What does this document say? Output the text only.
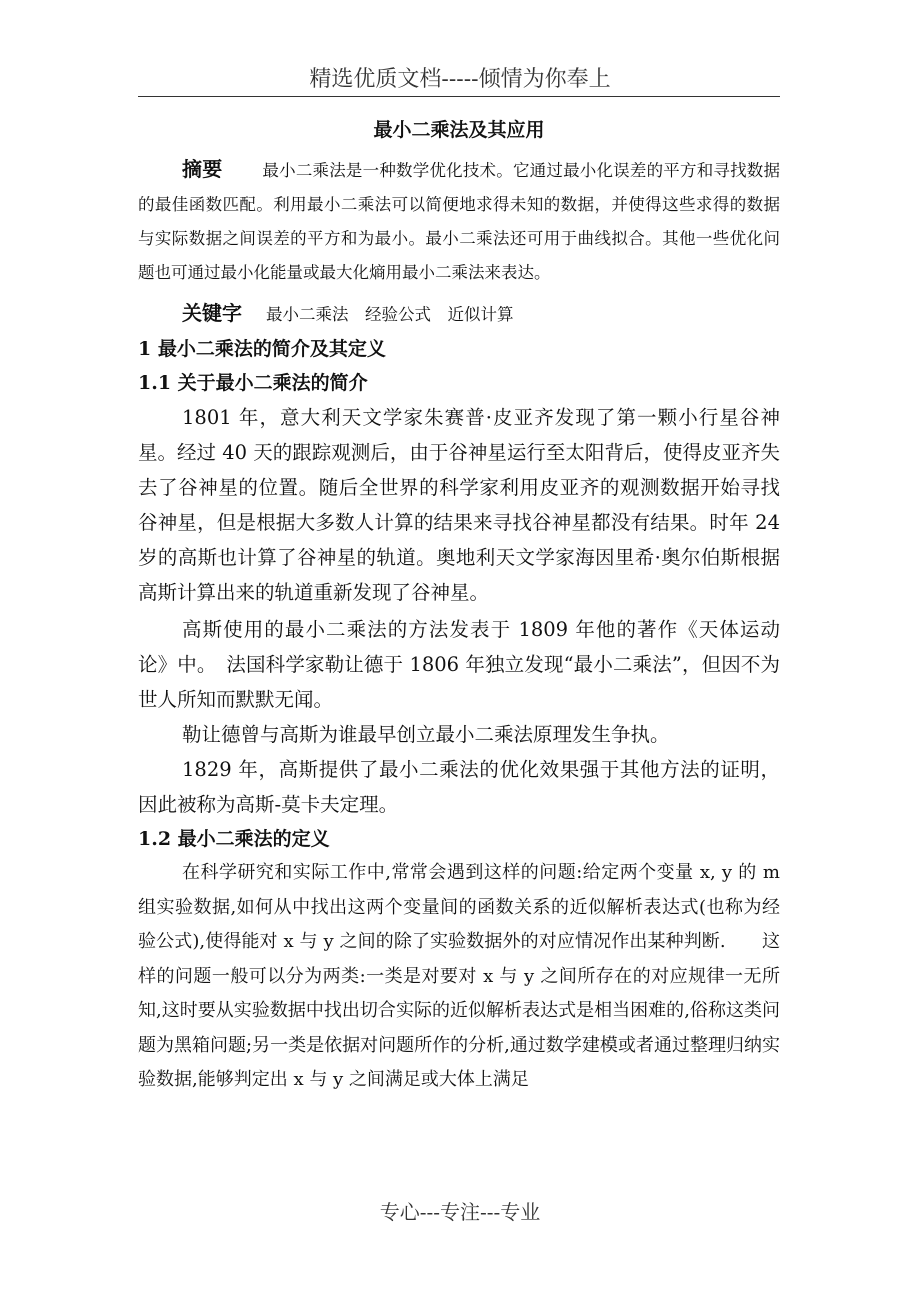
精选优质文档-----倾情为你奉上

最小二乘法及其应用

摘要 最小二乘法是一种数学优化技术。它通过最小化误差的平方和寻找数据的最佳函数匹配。利用最小二乘法可以简便地求得未知的数据，并使得这些求得的数据与实际数据之间误差的平方和为最小。最小二乘法还可用于曲线拟合。其他一些优化问题也可通过最小化能量或最大化熵用最小二乘法来表达。

关键字 最小二乘法　经验公式　近似计算

1 最小二乘法的简介及其定义

1.1 关于最小二乘法的简介

1801 年，意大利天文学家朱赛普·皮亚齐发现了第一颗小行星谷神星。经过 40 天的跟踪观测后，由于谷神星运行至太阳背后，使得皮亚齐失去了谷神星的位置。随后全世界的科学家利用皮亚齐的观测数据开始寻找谷神星，但是根据大多数人计算的结果来寻找谷神星都没有结果。时年 24 岁的高斯也计算了谷神星的轨道。奥地利天文学家海因里希·奥尔伯斯根据高斯计算出来的轨道重新发现了谷神星。

高斯使用的最小二乘法的方法发表于 1809 年他的著作《天体运动论》中。　法国科学家勒让德于 1806 年独立发现“最小二乘法”，但因不为世人所知而默默无闻。

勒让德曾与高斯为谁最早创立最小二乘法原理发生争执。

1829 年，高斯提供了最小二乘法的优化效果强于其他方法的证明，因此被称为高斯-莫卡夫定理。

1.2 最小二乘法的定义

在科学研究和实际工作中,常常会遇到这样的问题:给定两个变量 x, y 的 m 组实验数据,如何从中找出这两个变量间的函数关系的近似解析表达式(也称为经验公式),使得能对 x 与 y 之间的除了实验数据外的对应情况作出某种判断.　　这样的问题一般可以分为两类:一类是对要对 x 与 y 之间所存在的对应规律一无所知,这时要从实验数据中找出切合实际的近似解析表达式是相当困难的,俗称这类问题为黑箱问题;另一类是依据对问题所作的分析,通过数学建模或者通过整理归纳实验数据,能够判定出 x 与 y 之间满足或大体上满足

专心---专注---专业
